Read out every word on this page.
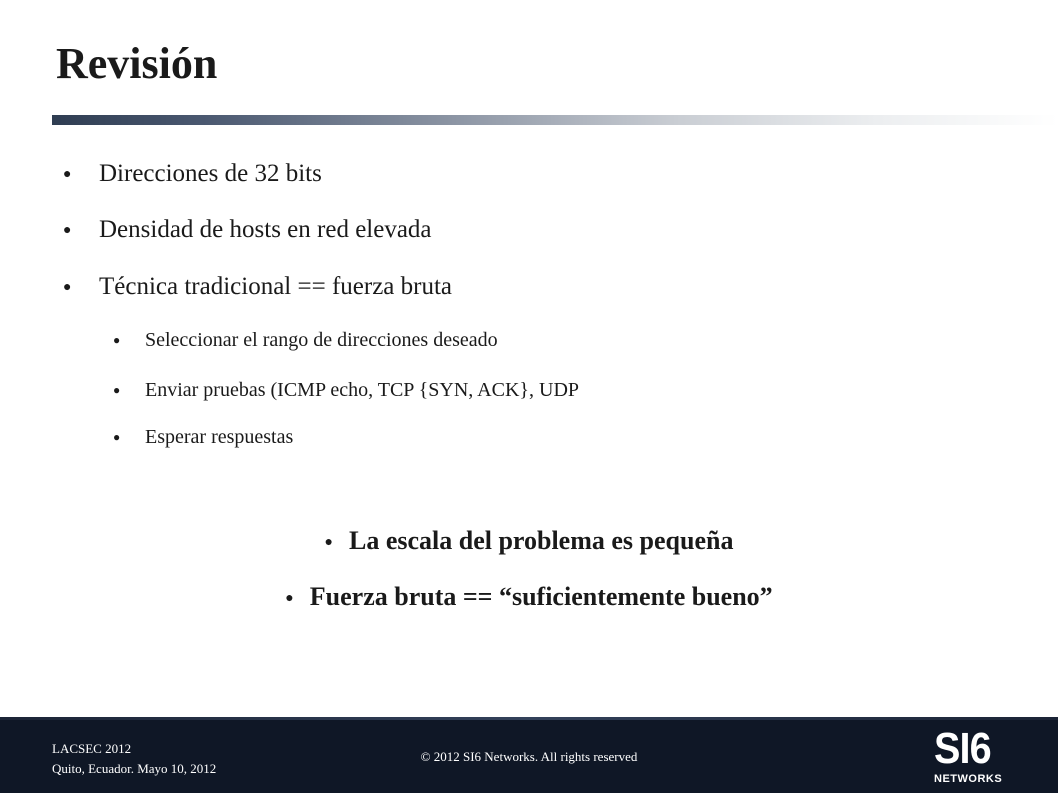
Revisión
● Direcciones de 32 bits
● Densidad de hosts en red elevada
● Técnica tradicional == fuerza bruta
● Seleccionar el rango de direcciones deseado
● Enviar pruebas (ICMP echo, TCP {SYN, ACK}, UDP
● Esperar respuestas
● La escala del problema es pequeña
● Fuerza bruta == “suficientemente bueno”
LACSEC 2012
Quito, Ecuador. Mayo 10, 2012
© 2012 SI6 Networks. All rights reserved	SI6
NETWORKS
